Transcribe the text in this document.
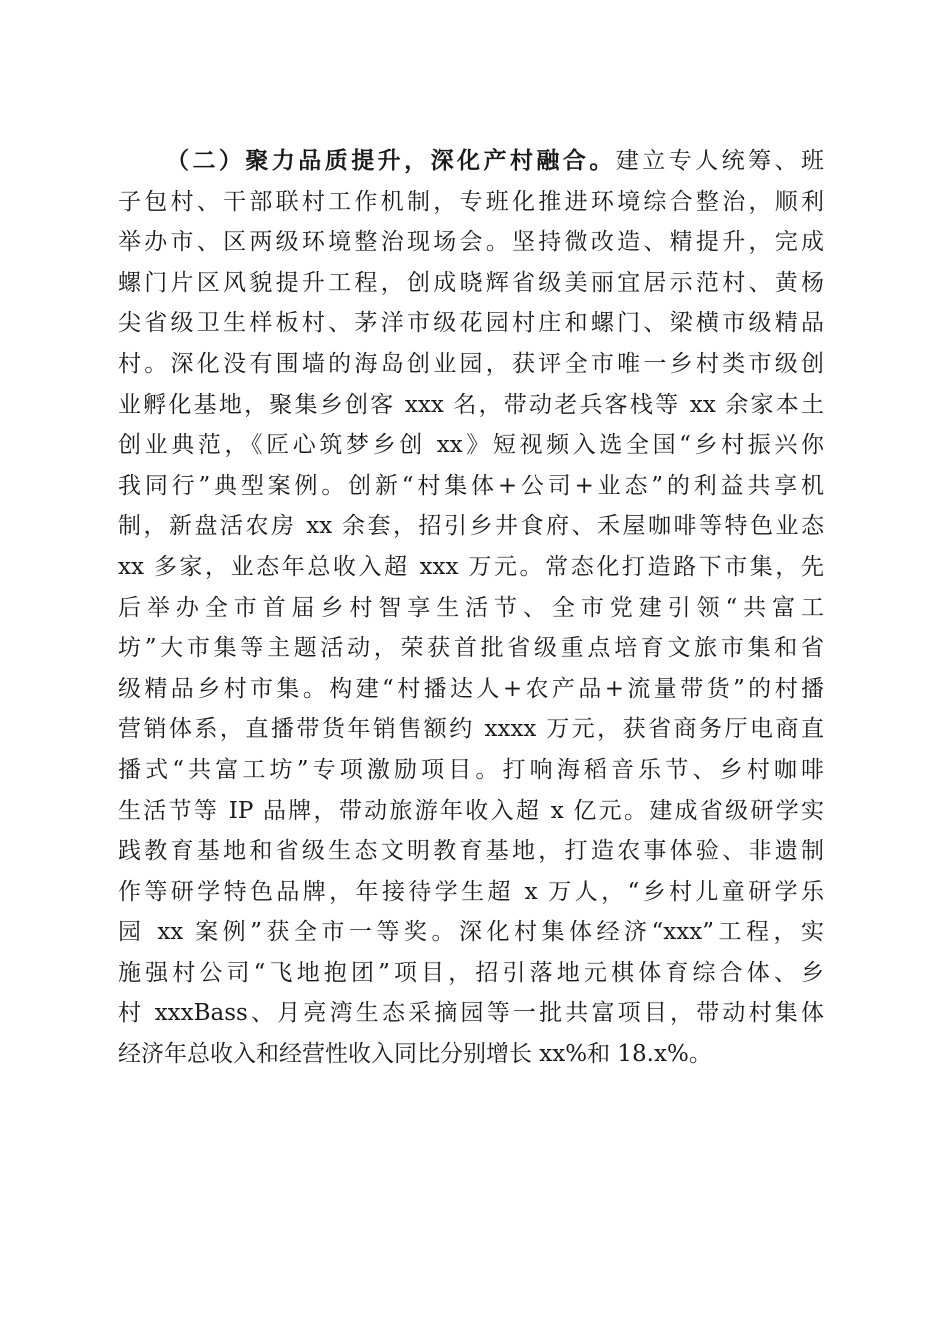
（二）聚力品质提升，深化产村融合。建立专人统筹、班
子包村、干部联村工作机制，专班化推进环境综合整治，顺利
举办市、区两级环境整治现场会。坚持微改造、精提升，完成
螺门片区风貌提升工程，创成晓辉省级美丽宜居示范村、黄杨
尖省级卫生样板村、茅洋市级花园村庄和螺门、梁横市级精品
村。深化没有围墙的海岛创业园，获评全市唯一乡村类市级创
业孵化基地，聚集乡创客 xxx 名，带动老兵客栈等 xx 余家本土
创业典范，《匠心筑梦乡创 xx》短视频入选全国“乡村振兴你
我同行”典型案例。创新“村集体+公司+业态”的利益共享机
制，新盘活农房 xx 余套，招引乡井食府、禾屋咖啡等特色业态
xx 多家，业态年总收入超 xxx 万元。常态化打造路下市集，先
后举办全市首届乡村智享生活节、全市党建引领“共富工
坊”大市集等主题活动，荣获首批省级重点培育文旅市集和省
级精品乡村市集。构建“村播达人+农产品+流量带货”的村播
营销体系，直播带货年销售额约 xxxx 万元，获省商务厅电商直
播式“共富工坊”专项激励项目。打响海稻音乐节、乡村咖啡
生活节等 IP 品牌，带动旅游年收入超 x 亿元。建成省级研学实
践教育基地和省级生态文明教育基地，打造农事体验、非遗制
作等研学特色品牌，年接待学生超 x 万人，“乡村儿童研学乐
园 xx 案例”获全市一等奖。深化村集体经济“xxx”工程，实
施强村公司“飞地抱团”项目，招引落地元棋体育综合体、乡
村 xxxBass、月亮湾生态采摘园等一批共富项目，带动村集体
经济年总收入和经营性收入同比分别增长 xx%和 18.x%。
